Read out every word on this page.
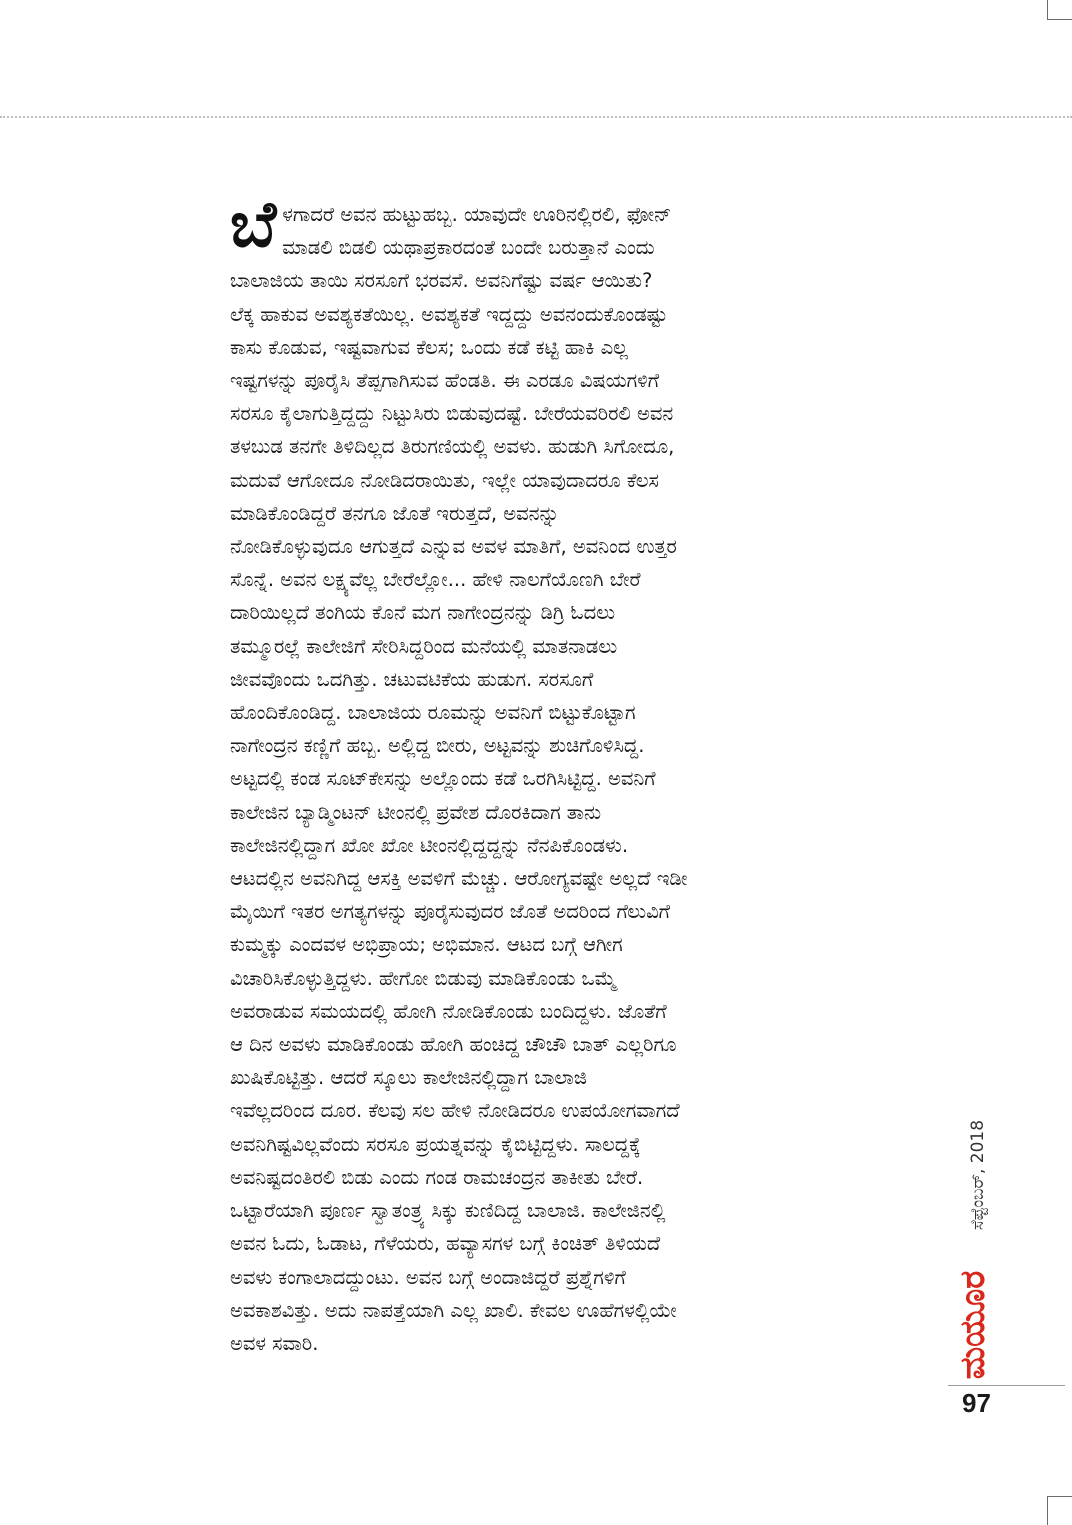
ಬೆ ಳಗಾದರೆ ಅವನ ಹುಟ್ಟುಹಬ್ಬ. ಯಾವುದೇ ಊರಿನಲ್ಲಿರಲಿ, ಫೋನ್
ಮಾಡಲಿ ಬಿಡಲಿ ಯಥಾಪ್ರಕಾರದಂತೆ ಬಂದೇ ಬರುತ್ತಾನೆ ಎಂದು
ಬಾಲಾಜಿಯ ತಾಯಿ ಸರಸೂಗೆ ಭರವಸೆ. ಅವನಿಗೆಷ್ಟು ವರ್ಷ ಆಯಿತು?
ಲೆಕ್ಕ ಹಾಕುವ ಅವಶ್ಯಕತೆಯಿಲ್ಲ. ಅವಶ್ಯಕತೆ ಇದ್ದದ್ದು ಅವನಂದುಕೊಂಡಷ್ಟು
ಕಾಸು ಕೊಡುವ, ಇಷ್ಟವಾಗುವ ಕೆಲಸ; ಒಂದು ಕಡೆ ಕಟ್ಟಿ ಹಾಕಿ ಎಲ್ಲ
ಇಷ್ಟಗಳನ್ನು ಪೂರೈಸಿ ತೆಪ್ಪಗಾಗಿಸುವ ಹೆಂಡತಿ. ಈ ಎರಡೂ ವಿಷಯಗಳಿಗೆ
ಸರಸೂ ಕೈಲಾಗುತ್ತಿದ್ದದ್ದು ನಿಟ್ಟುಸಿರು ಬಿಡುವುದಷ್ಟೆ. ಬೇರೆಯವರಿರಲಿ ಅವನ
ತಳಬುಡ ತನಗೇ ತಿಳಿದಿಲ್ಲದ ತಿರುಗಣಿಯಲ್ಲಿ ಅವಳು. ಹುಡುಗಿ ಸಿಗೋದೂ,
ಮದುವೆ ಆಗೋದೂ ನೋಡಿದರಾಯಿತು, ಇಲ್ಲೇ ಯಾವುದಾದರೂ ಕೆಲಸ
ಮಾಡಿಕೊಂಡಿದ್ದರೆ ತನಗೂ ಜೊತೆ ಇರುತ್ತದೆ, ಅವನನ್ನು
ನೋಡಿಕೊಳ್ಳುವುದೂ ಆಗುತ್ತದೆ ಎನ್ನುವ ಅವಳ ಮಾತಿಗೆ, ಅವನಿಂದ ಉತ್ತರ
ಸೊನ್ನೆ. ಅವನ ಲಕ್ಷ್ಯವೆಲ್ಲ ಬೇರೆಲ್ಲೋ... ಹೇಳಿ ನಾಲಗೆಯೊಣಗಿ ಬೇರೆ
ದಾರಿಯಿಲ್ಲದೆ ತಂಗಿಯ ಕೊನೆ ಮಗ ನಾಗೇಂದ್ರನನ್ನು ಡಿಗ್ರಿ ಓದಲು
ತಮ್ಮೂರಲ್ಲೆ ಕಾಲೇಜಿಗೆ ಸೇರಿಸಿದ್ದರಿಂದ ಮನೆಯಲ್ಲಿ ಮಾತನಾಡಲು
ಜೀವವೊಂದು ಒದಗಿತ್ತು. ಚಟುವಟಿಕೆಯ ಹುಡುಗ. ಸರಸೂಗೆ
ಹೊಂದಿಕೊಂಡಿದ್ದ. ಬಾಲಾಜಿಯ ರೂಮನ್ನು ಅವನಿಗೆ ಬಿಟ್ಟುಕೊಟ್ಟಾಗ
ನಾಗೇಂದ್ರನ ಕಣ್ಣಿಗೆ ಹಬ್ಬ. ಅಲ್ಲಿದ್ದ ಬೀರು, ಅಟ್ಟವನ್ನು ಶುಚಿಗೊಳಿಸಿದ್ದ.
ಅಟ್ಟದಲ್ಲಿ ಕಂಡ ಸೂಟ್‌ಕೇಸನ್ನು ಅಲ್ಲೊಂದು ಕಡೆ ಒರಗಿಸಿಟ್ಟಿದ್ದ. ಅವನಿಗೆ
ಕಾಲೇಜಿನ ಬ್ಯಾಡ್ಮಿಂಟನ್ ಟೀಂನಲ್ಲಿ ಪ್ರವೇಶ ದೊರಕಿದಾಗ ತಾನು
ಕಾಲೇಜಿನಲ್ಲಿದ್ದಾಗ ಖೋ ಖೋ ಟೀಂನಲ್ಲಿದ್ದದ್ದನ್ನು ನೆನಪಿಕೊಂಡಳು.
ಆಟದಲ್ಲಿನ ಅವನಿಗಿದ್ದ ಆಸಕ್ತಿ ಅವಳಿಗೆ ಮೆಚ್ಚು. ಆರೋಗ್ಯವಷ್ಟೇ ಅಲ್ಲದೆ ಇಡೀ
ಮೈಯಿಗೆ ಇತರ ಅಗತ್ಯಗಳನ್ನು ಪೂರೈಸುವುದರ ಜೊತೆ ಅದರಿಂದ ಗೆಲುವಿಗೆ
ಕುಮ್ಮಕ್ಕು ಎಂದವಳ ಅಭಿಪ್ರಾಯ; ಅಭಿಮಾನ. ಆಟದ ಬಗ್ಗೆ ಆಗೀಗ
ವಿಚಾರಿಸಿಕೊಳ್ಳುತ್ತಿದ್ದಳು. ಹೇಗೋ ಬಿಡುವು ಮಾಡಿಕೊಂಡು ಒಮ್ಮೆ
ಅವರಾಡುವ ಸಮಯದಲ್ಲಿ ಹೋಗಿ ನೋಡಿಕೊಂಡು ಬಂದಿದ್ದಳು. ಜೊತೆಗೆ
ಆ ದಿನ ಅವಳು ಮಾಡಿಕೊಂಡು ಹೋಗಿ ಹಂಚಿದ್ದ ಚೌಚೌ ಬಾತ್ ಎಲ್ಲರಿಗೂ
ಖುಷಿಕೊಟ್ಟಿತ್ತು. ಆದರೆ ಸ್ಕೂಲು ಕಾಲೇಜಿನಲ್ಲಿದ್ದಾಗ ಬಾಲಾಜಿ
ಇವೆಲ್ಲದರಿಂದ ದೂರ. ಕೆಲವು ಸಲ ಹೇಳಿ ನೋಡಿದರೂ ಉಪಯೋಗವಾಗದೆ
ಅವನಿಗಿಷ್ಟವಿಲ್ಲವೆಂದು ಸರಸೂ ಪ್ರಯತ್ನವನ್ನು ಕೈಬಿಟ್ಟಿದ್ದಳು. ಸಾಲದ್ದಕ್ಕೆ
ಅವನಿಷ್ಟದಂತಿರಲಿ ಬಿಡು ಎಂದು ಗಂಡ ರಾಮಚಂದ್ರನ ತಾಕೀತು ಬೇರೆ.
ಒಟ್ಟಾರೆಯಾಗಿ ಪೂರ್ಣ ಸ್ವಾತಂತ್ರ್ಯ ಸಿಕ್ಕು ಕುಣಿದಿದ್ದ ಬಾಲಾಜಿ. ಕಾಲೇಜಿನಲ್ಲಿ
ಅವನ ಓದು, ಓಡಾಟ, ಗೆಳೆಯರು, ಹವ್ಯಾಸಗಳ ಬಗ್ಗೆ ಕಿಂಚಿತ್ ತಿಳಿಯದೆ
ಅವಳು ಕಂಗಾಲಾದದ್ದುಂಟು. ಅವನ ಬಗ್ಗೆ ಅಂದಾಜಿದ್ದರೆ ಪ್ರಶ್ನೆಗಳಿಗೆ
ಅವಕಾಶವಿತ್ತು. ಅದು ನಾಪತ್ತೆಯಾಗಿ ಎಲ್ಲ ಖಾಲಿ. ಕೇವಲ ಊಹೆಗಳಲ್ಲಿಯೇ
ಅವಳ ಸವಾರಿ.
ಸೆಪ್ಟೆಂಬರ್, 2018
ಮಯೂರ
97
